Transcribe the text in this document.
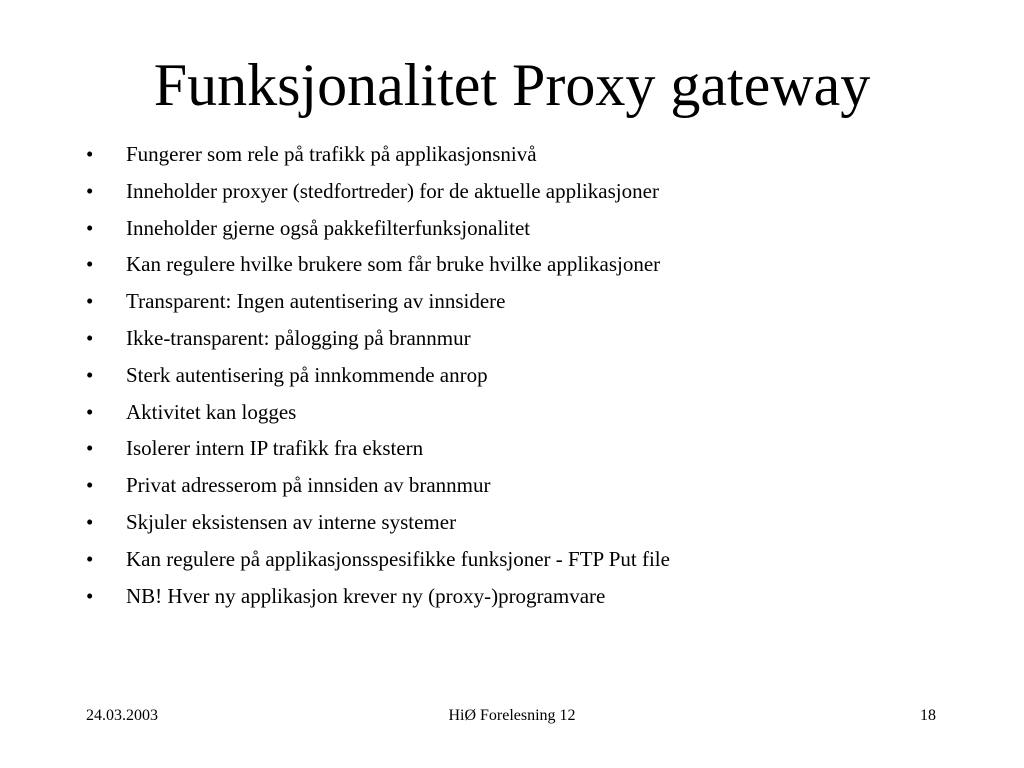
Funksjonalitet Proxy gateway
•	Fungerer som rele på trafikk på applikasjonsnivå
•	Inneholder proxyer (stedfortreder) for de aktuelle applikasjoner
•	Inneholder gjerne også pakkefilterfunksjonalitet
•	Kan regulere hvilke brukere som får bruke hvilke applikasjoner
•	Transparent: Ingen autentisering av innsidere
•	Ikke-transparent: pålogging på brannmur
•	Sterk autentisering på innkommende anrop
•	Aktivitet kan logges
•	Isolerer intern IP trafikk fra ekstern
•	Privat adresserom på innsiden av brannmur
•	Skjuler eksistensen av interne systemer
•	Kan regulere på applikasjonsspesifikke funksjoner - FTP Put file
•	NB! Hver ny applikasjon krever ny (proxy-)programvare
24.03.2003	HiØ Forelesning 12	18
